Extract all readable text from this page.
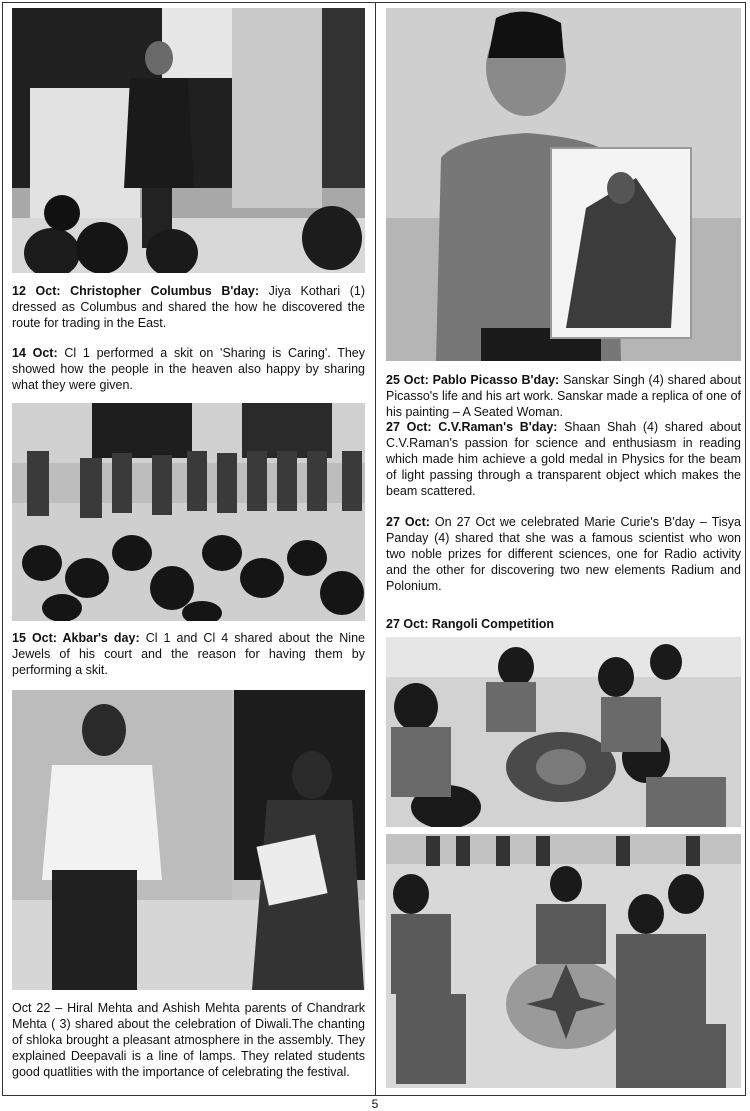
12 Oct: Christopher Columbus B'day: Jiya Kothari (1) dressed as Columbus and shared the how he discovered the route for trading in the East.

14 Oct: Cl 1 performed a skit on 'Sharing is Caring'. They showed how the people in the heaven also happy by sharing what they were given.

15 Oct: Akbar's day: Cl 1 and Cl 4 shared about the Nine Jewels of his court and the reason for having them by performing a skit.

Oct 22 – Hiral Mehta and Ashish Mehta parents of Chandrark Mehta ( 3) shared about the celebration of Diwali.The chanting of shloka brought a pleasant atmosphere in the assembly. They explained Deepavali is a line of lamps. They related students good quatlities with the importance of celebrating the festival.

25 Oct: Pablo Picasso B'day: Sanskar Singh (4) shared about Picasso's life and his art work. Sanskar made a replica of one of his painting – A Seated Woman.

27 Oct: C.V.Raman's B'day: Shaan Shah (4) shared about C.V.Raman's passion for science and enthusiasm in reading which made him achieve a gold medal in Physics for the beam of light passing through a transparent object which makes the beam scattered.

27 Oct: On 27 Oct we celebrated Marie Curie's B'day – Tisya Panday (4) shared that she was a famous scientist who won two noble prizes for different sciences, one for Radio activity and the other for discovering two new elements Radium and Polonium.

27 Oct: Rangoli Competition

5
